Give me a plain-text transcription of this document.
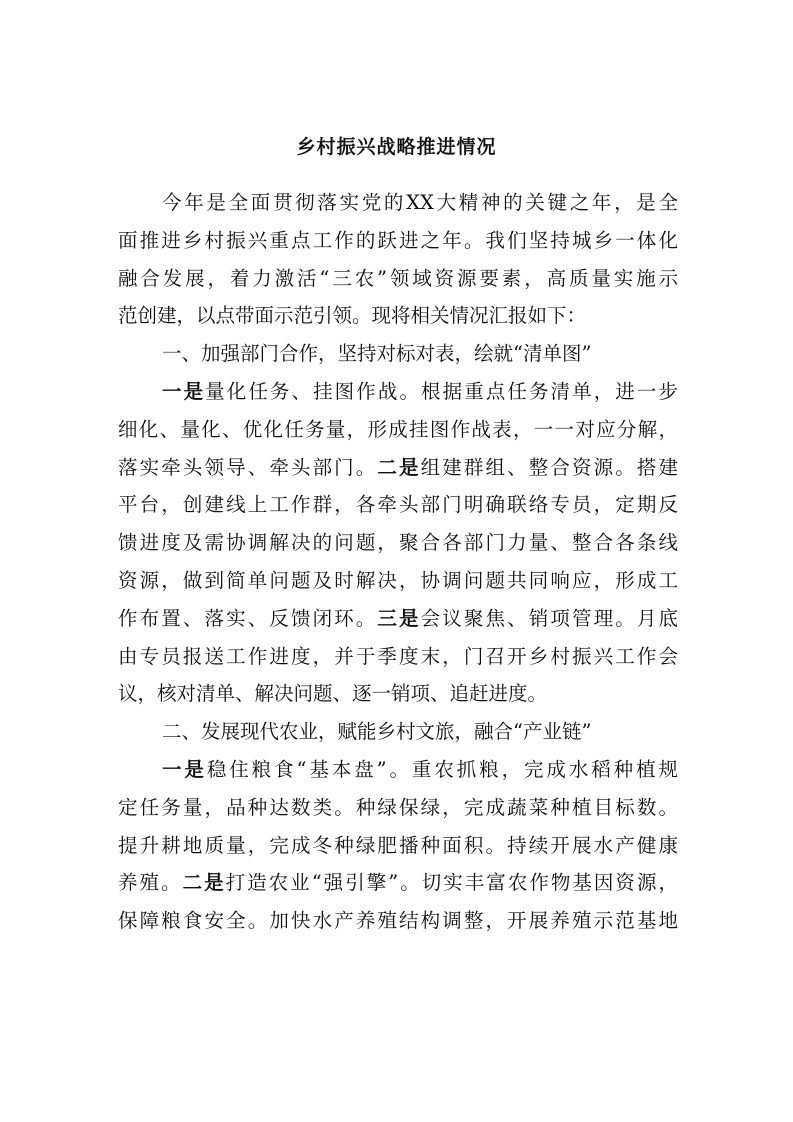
乡村振兴战略推进情况
今年是全面贯彻落实党的XX大精神的关键之年，是全
面推进乡村振兴重点工作的跃进之年。我们坚持城乡一体化
融合发展，着力激活“三农”领域资源要素，高质量实施示
范创建，以点带面示范引领。现将相关情况汇报如下：
一、加强部门合作，坚持对标对表，绘就“清单图”
一是量化任务、挂图作战。根据重点任务清单，进一步
细化、量化、优化任务量，形成挂图作战表，一一对应分解，
落实牵头领导、牵头部门。二是组建群组、整合资源。搭建
平台，创建线上工作群，各牵头部门明确联络专员，定期反
馈进度及需协调解决的问题，聚合各部门力量、整合各条线
资源，做到简单问题及时解决，协调问题共同响应，形成工
作布置、落实、反馈闭环。三是会议聚焦、销项管理。月底
由专员报送工作进度，并于季度末，门召开乡村振兴工作会
议，核对清单、解决问题、逐一销项、追赶进度。
二、发展现代农业，赋能乡村文旅，融合“产业链”
一是稳住粮食“基本盘”。重农抓粮，完成水稻种植规
定任务量，品种达数类。种绿保绿，完成蔬菜种植目标数。
提升耕地质量，完成冬种绿肥播种面积。持续开展水产健康
养殖。二是打造农业“强引擎”。切实丰富农作物基因资源，
保障粮食安全。加快水产养殖结构调整，开展养殖示范基地
